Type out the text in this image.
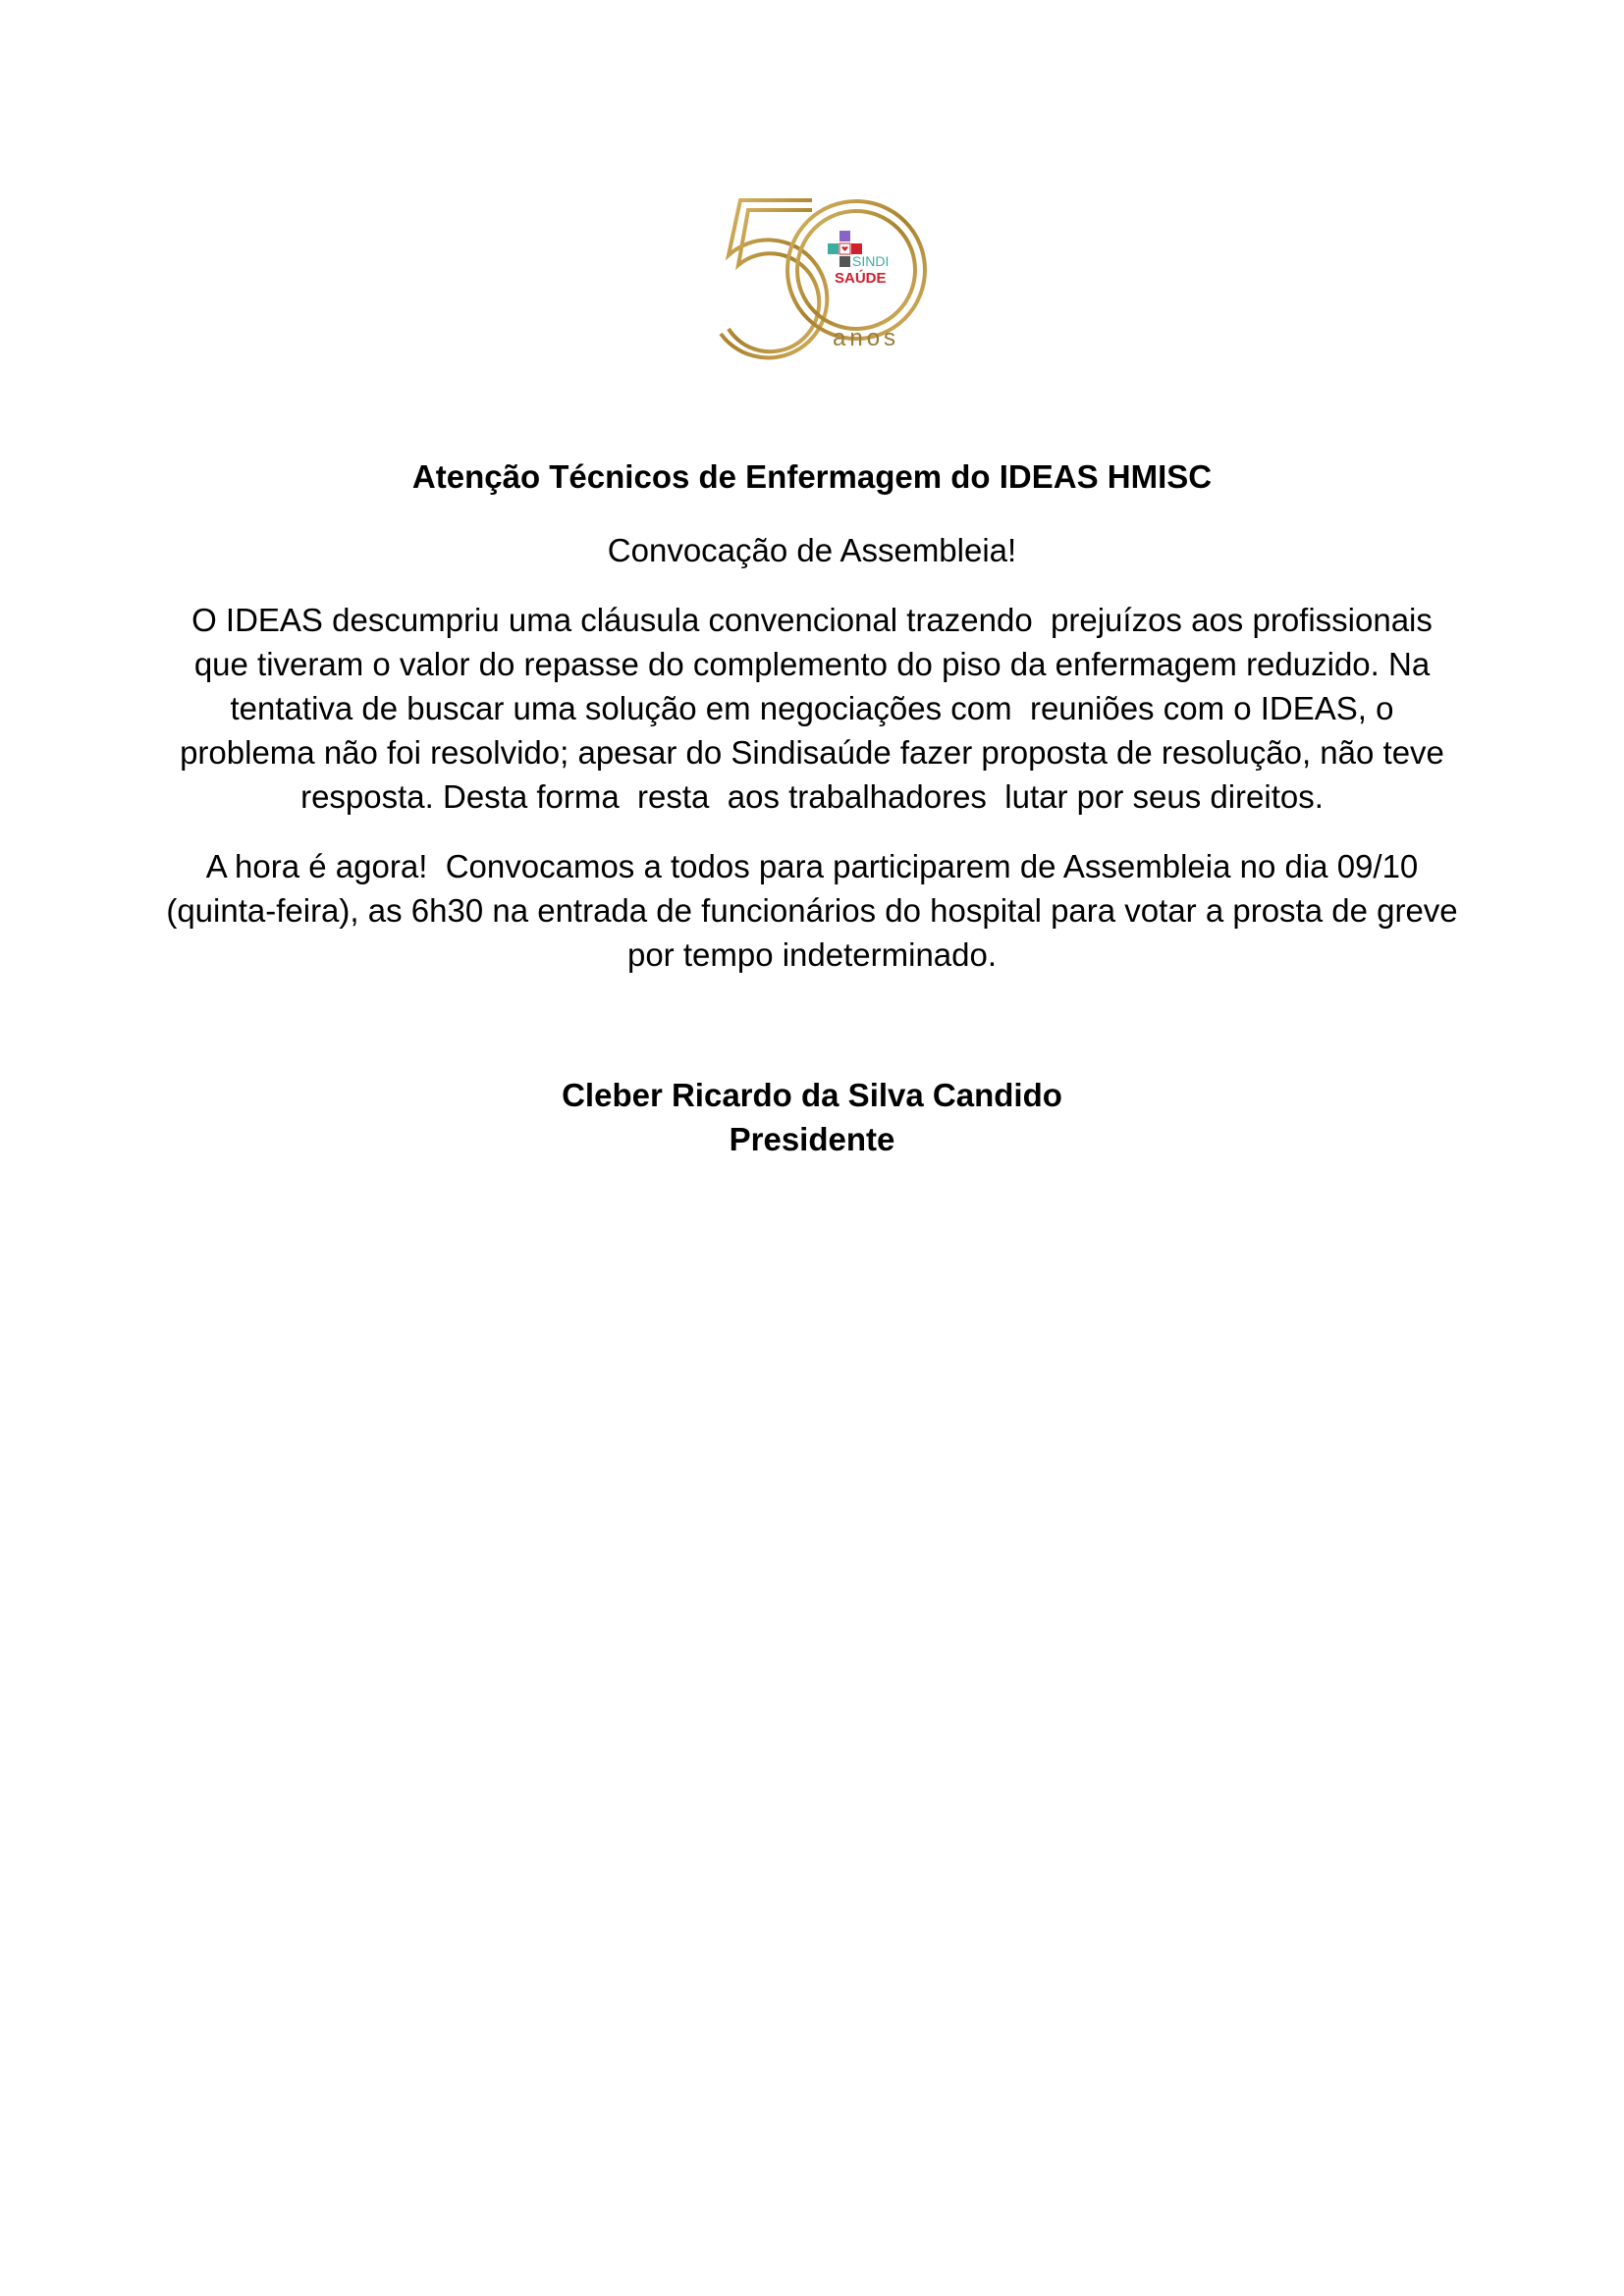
SINDI
SAÚDE
anos
Atenção Técnicos de Enfermagem do IDEAS HMISC
Convocação de Assembleia!
O IDEAS descumpriu uma cláusula convencional trazendo  prejuízos aos profissionais
que tiveram o valor do repasse do complemento do piso da enfermagem reduzido. Na
tentativa de buscar uma solução em negociações com  reuniões com o IDEAS, o
problema não foi resolvido; apesar do Sindisaúde fazer proposta de resolução, não teve
resposta. Desta forma  resta  aos trabalhadores  lutar por seus direitos.
A hora é agora!  Convocamos a todos para participarem de Assembleia no dia 09/10
(quinta-feira), as 6h30 na entrada de funcionários do hospital para votar a prosta de greve
por tempo indeterminado.
Cleber Ricardo da Silva Candido
Presidente
